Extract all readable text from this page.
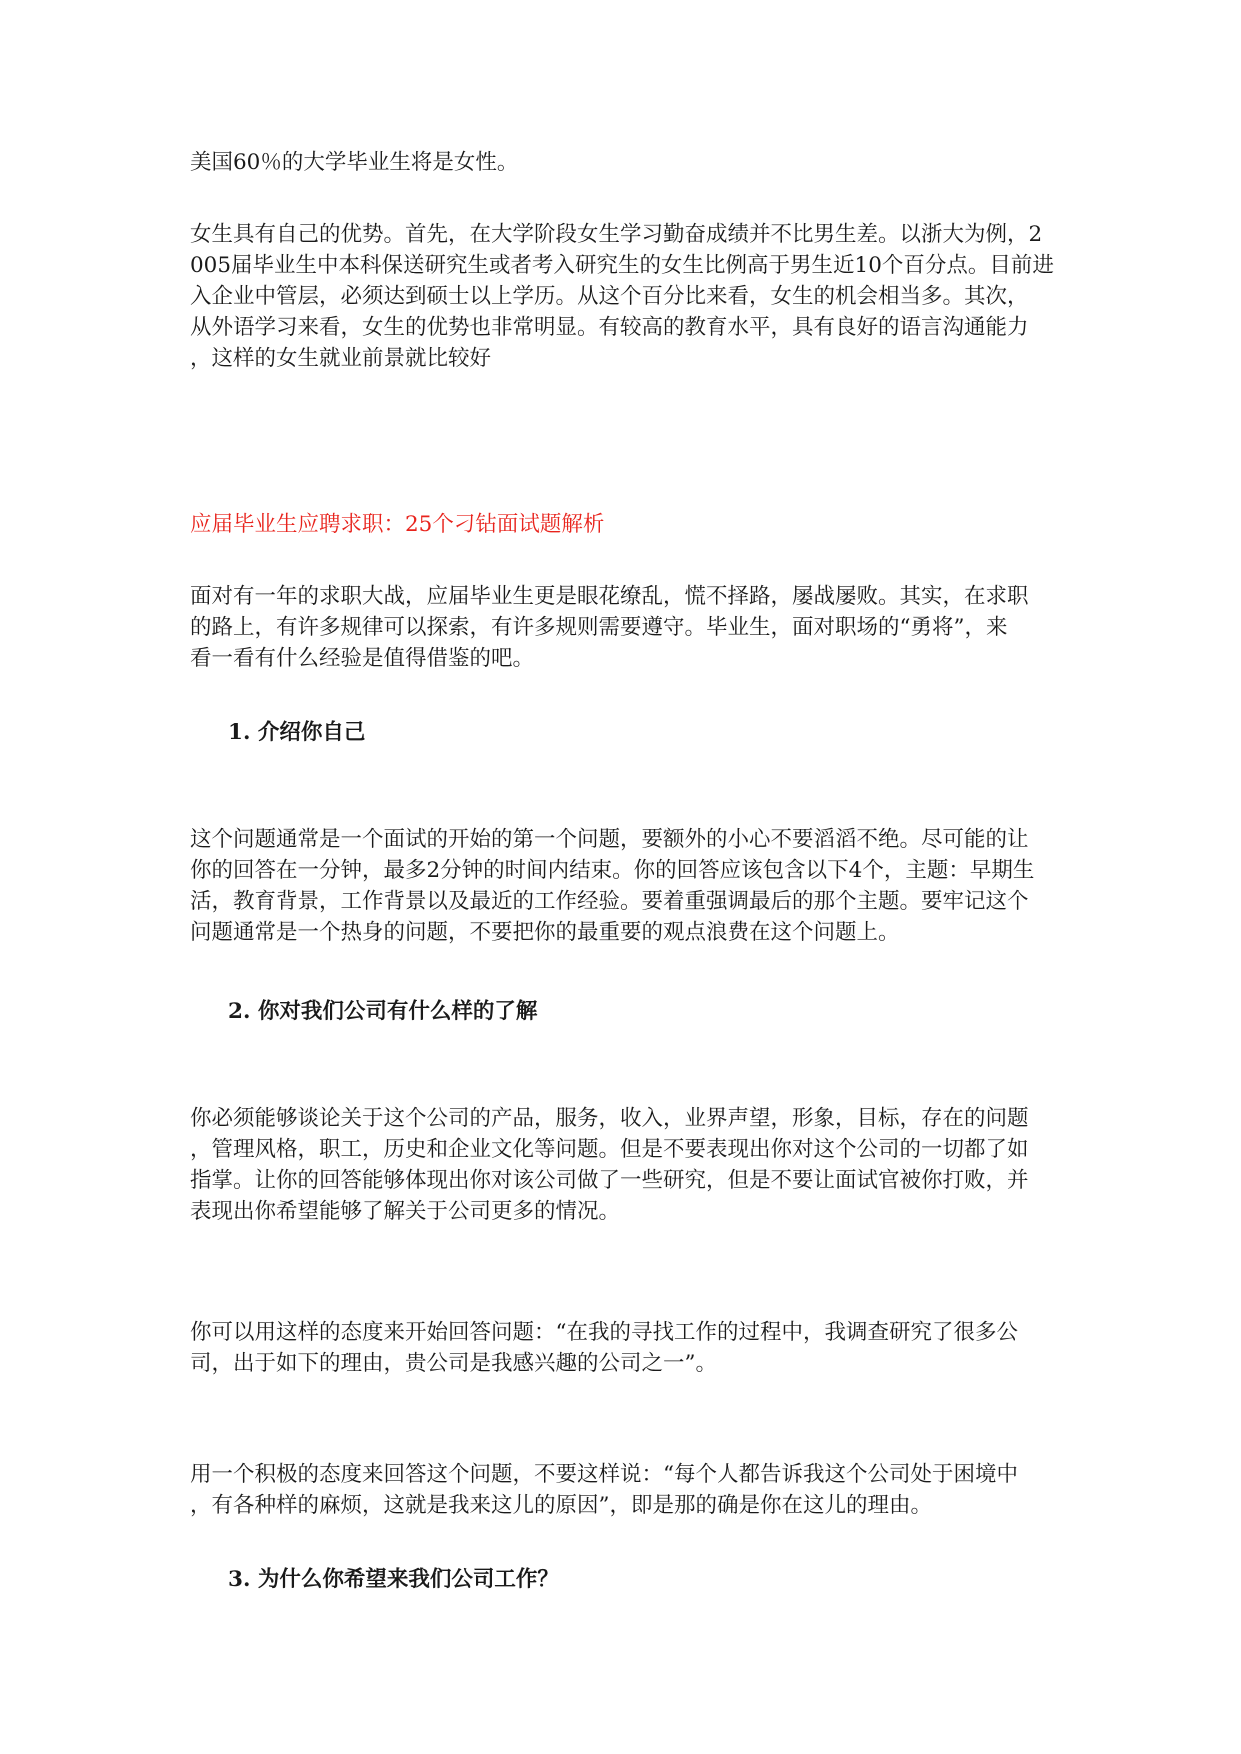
美国60％的大学毕业生将是女性。

女生具有自己的优势。首先，在大学阶段女生学习勤奋成绩并不比男生差。以浙大为例，2

005届毕业生中本科保送研究生或者考入研究生的女生比例高于男生近10个百分点。目前进

入企业中管层，必须达到硕士以上学历。从这个百分比来看，女生的机会相当多。其次，

从外语学习来看，女生的优势也非常明显。有较高的教育水平，具有良好的语言沟通能力

，这样的女生就业前景就比较好

应届毕业生应聘求职：25个刁钻面试题解析

面对有一年的求职大战，应届毕业生更是眼花缭乱，慌不择路，屡战屡败。其实，在求职

的路上，有许多规律可以探索，有许多规则需要遵守。毕业生，面对职场的“勇将”，来

看一看有什么经验是值得借鉴的吧。

1. 介绍你自己

这个问题通常是一个面试的开始的第一个问题，要额外的小心不要滔滔不绝。尽可能的让

你的回答在一分钟，最多2分钟的时间内结束。你的回答应该包含以下4个，主题：早期生

活，教育背景，工作背景以及最近的工作经验。要着重强调最后的那个主题。要牢记这个

问题通常是一个热身的问题，不要把你的最重要的观点浪费在这个问题上。

2. 你对我们公司有什么样的了解

你必须能够谈论关于这个公司的产品，服务，收入，业界声望，形象，目标，存在的问题

，管理风格，职工，历史和企业文化等问题。但是不要表现出你对这个公司的一切都了如

指掌。让你的回答能够体现出你对该公司做了一些研究，但是不要让面试官被你打败，并

表现出你希望能够了解关于公司更多的情况。

你可以用这样的态度来开始回答问题：“在我的寻找工作的过程中，我调查研究了很多公

司，出于如下的理由，贵公司是我感兴趣的公司之一”。

用一个积极的态度来回答这个问题，不要这样说：“每个人都告诉我这个公司处于困境中

，有各种样的麻烦，这就是我来这儿的原因”，即是那的确是你在这儿的理由。

3. 为什么你希望来我们公司工作？
